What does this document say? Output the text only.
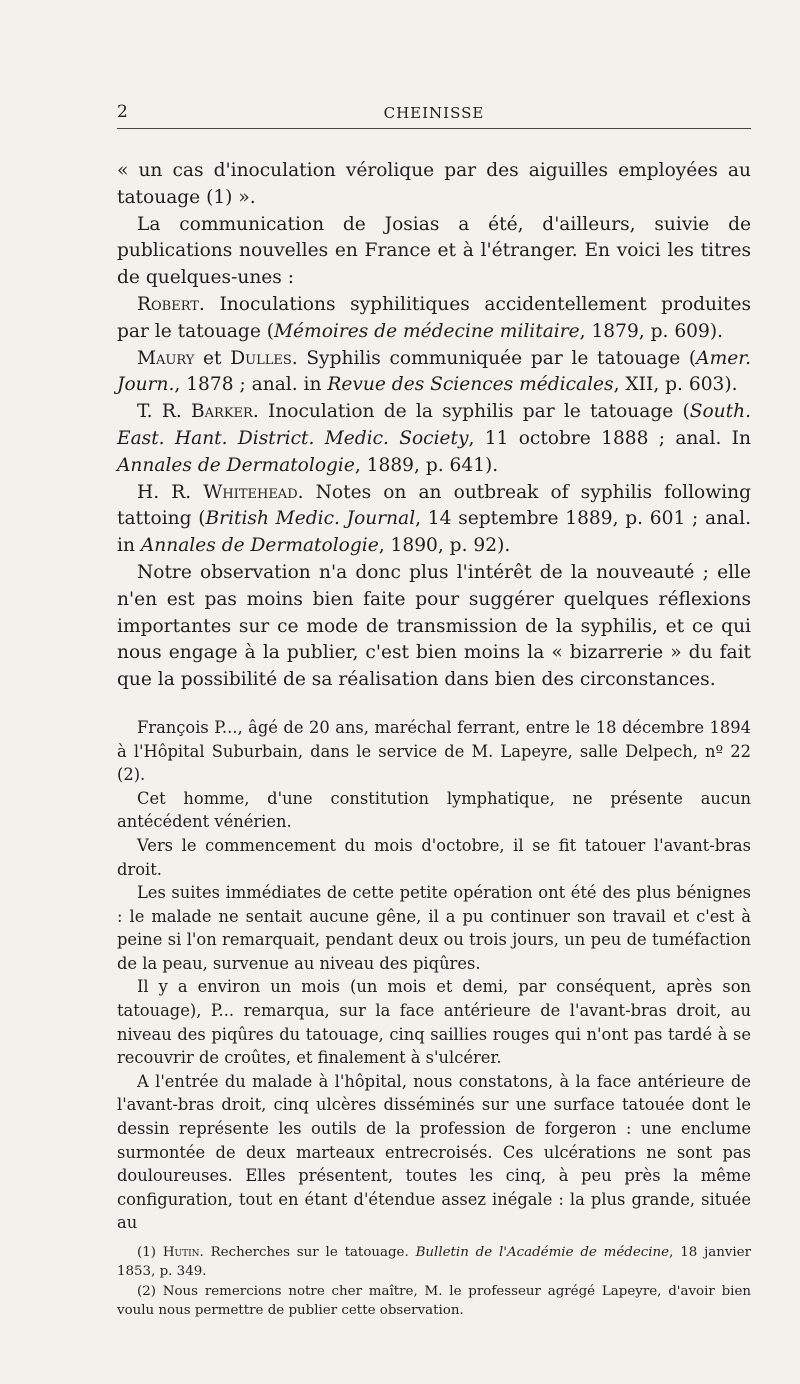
2	CHEINISSE

« un cas d'inoculation vérolique par des aiguilles employées au tatouage (1) ».

La communication de Josias a été, d'ailleurs, suivie de publications nouvelles en France et à l'étranger. En voici les titres de quelques-unes :

Robert. Inoculations syphilitiques accidentellement produites par le tatouage (Mémoires de médecine militaire, 1879, p. 609).

Maury et Dulles. Syphilis communiquée par le tatouage (Amer. Journ., 1878 ; anal. in Revue des Sciences médicales, XII, p. 603).

T. R. Barker. Inoculation de la syphilis par le tatouage (South. East. Hant. District. Medic. Society, 11 octobre 1888 ; anal. In Annales de Dermatologie, 1889, p. 641).

H. R. Whitehead. Notes on an outbreak of syphilis following tattoing (British Medic. Journal, 14 septembre 1889, p. 601 ; anal. in Annales de Dermatologie, 1890, p. 92).

Notre observation n'a donc plus l'intérêt de la nouveauté ; elle n'en est pas moins bien faite pour suggérer quelques réflexions importantes sur ce mode de transmission de la syphilis, et ce qui nous engage à la publier, c'est bien moins la « bizarrerie » du fait que la possibilité de sa réalisation dans bien des circonstances.

François P..., âgé de 20 ans, maréchal ferrant, entre le 18 décembre 1894 à l'Hôpital Suburbain, dans le service de M. Lapeyre, salle Delpech, nº 22 (2).

Cet homme, d'une constitution lymphatique, ne présente aucun antécédent vénérien.

Vers le commencement du mois d'octobre, il se fit tatouer l'avant-bras droit.

Les suites immédiates de cette petite opération ont été des plus bénignes : le malade ne sentait aucune gêne, il a pu continuer son travail et c'est à peine si l'on remarquait, pendant deux ou trois jours, un peu de tuméfaction de la peau, survenue au niveau des piqûres.

Il y a environ un mois (un mois et demi, par conséquent, après son tatouage), P... remarqua, sur la face antérieure de l'avant-bras droit, au niveau des piqûres du tatouage, cinq saillies rouges qui n'ont pas tardé à se recouvrir de croûtes, et finalement à s'ulcérer.

A l'entrée du malade à l'hôpital, nous constatons, à la face antérieure de l'avant-bras droit, cinq ulcères disséminés sur une surface tatouée dont le dessin représente les outils de la profession de forgeron : une enclume surmontée de deux marteaux entrecroisés. Ces ulcérations ne sont pas douloureuses. Elles présentent, toutes les cinq, à peu près la même configuration, tout en étant d'étendue assez inégale : la plus grande, située au

(1) Hutin. Recherches sur le tatouage. Bulletin de l'Académie de médecine, 18 janvier 1853, p. 349.

(2) Nous remercions notre cher maître, M. le professeur agrégé Lapeyre, d'avoir bien voulu nous permettre de publier cette observation.
